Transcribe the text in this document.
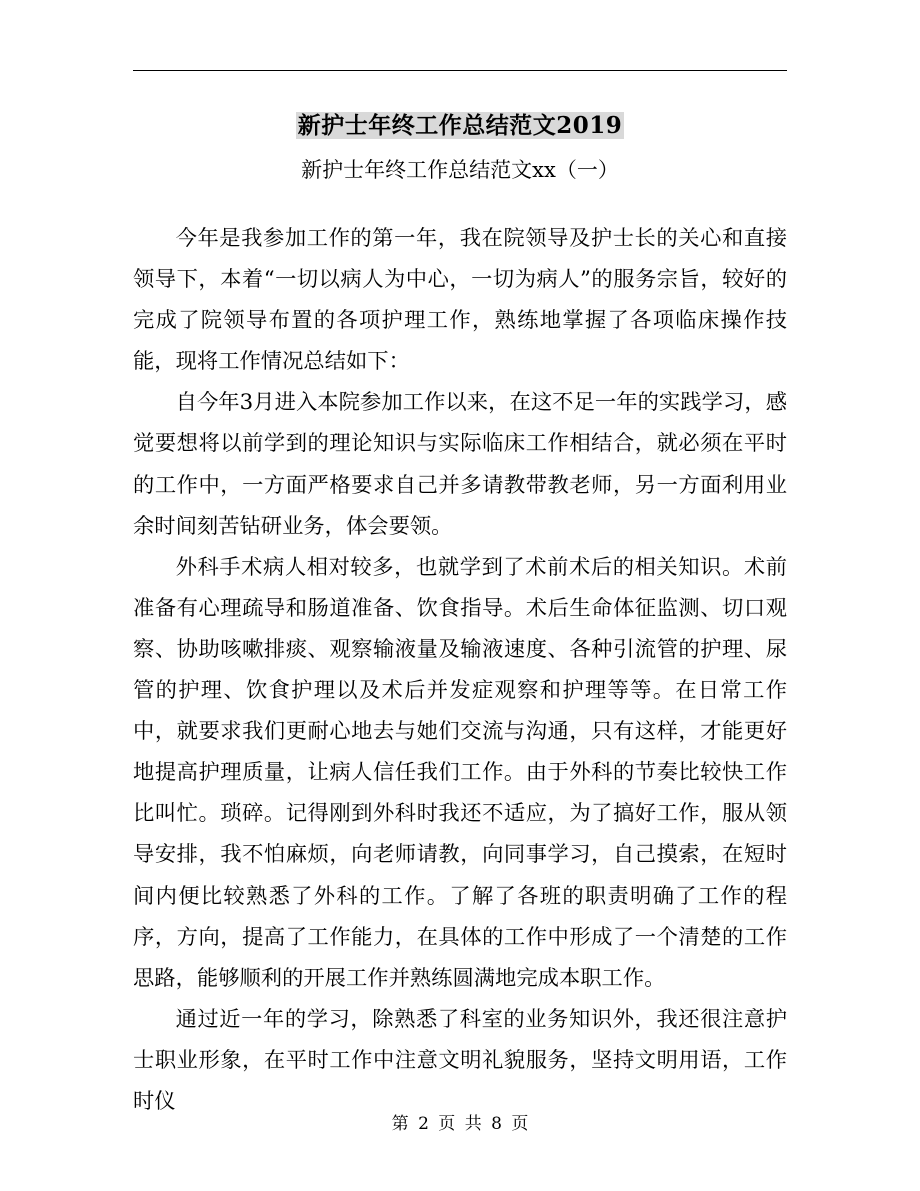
新护士年终工作总结范文2019
新护士年终工作总结范文xx（一）

今年是我参加工作的第一年，我在院领导及护士长的关心和直接领导下，本着“一切以病人为中心，一切为病人”的服务宗旨，较好的完成了院领导布置的各项护理工作，熟练地掌握了各项临床操作技能，现将工作情况总结如下：

自今年3月进入本院参加工作以来，在这不足一年的实践学习，感觉要想将以前学到的理论知识与实际临床工作相结合，就必须在平时的工作中，一方面严格要求自己并多请教带教老师，另一方面利用业余时间刻苦钻研业务，体会要领。

外科手术病人相对较多，也就学到了术前术后的相关知识。术前准备有心理疏导和肠道准备、饮食指导。术后生命体征监测、切口观察、协助咳嗽排痰、观察输液量及输液速度、各种引流管的护理、尿管的护理、饮食护理以及术后并发症观察和护理等等。在日常工作中，就要求我们更耐心地去与她们交流与沟通，只有这样，才能更好地提高护理质量，让病人信任我们工作。由于外科的节奏比较快工作比叫忙。琐碎。记得刚到外科时我还不适应，为了搞好工作，服从领导安排，我不怕麻烦，向老师请教，向同事学习，自己摸索，在短时间内便比较熟悉了外科的工作。了解了各班的职责明确了工作的程序，方向，提高了工作能力，在具体的工作中形成了一个清楚的工作思路，能够顺利的开展工作并熟练圆满地完成本职工作。

通过近一年的学习，除熟悉了科室的业务知识外，我还很注意护士职业形象，在平时工作中注意文明礼貌服务，坚持文明用语，工作时仪

第 2 页 共 8 页
